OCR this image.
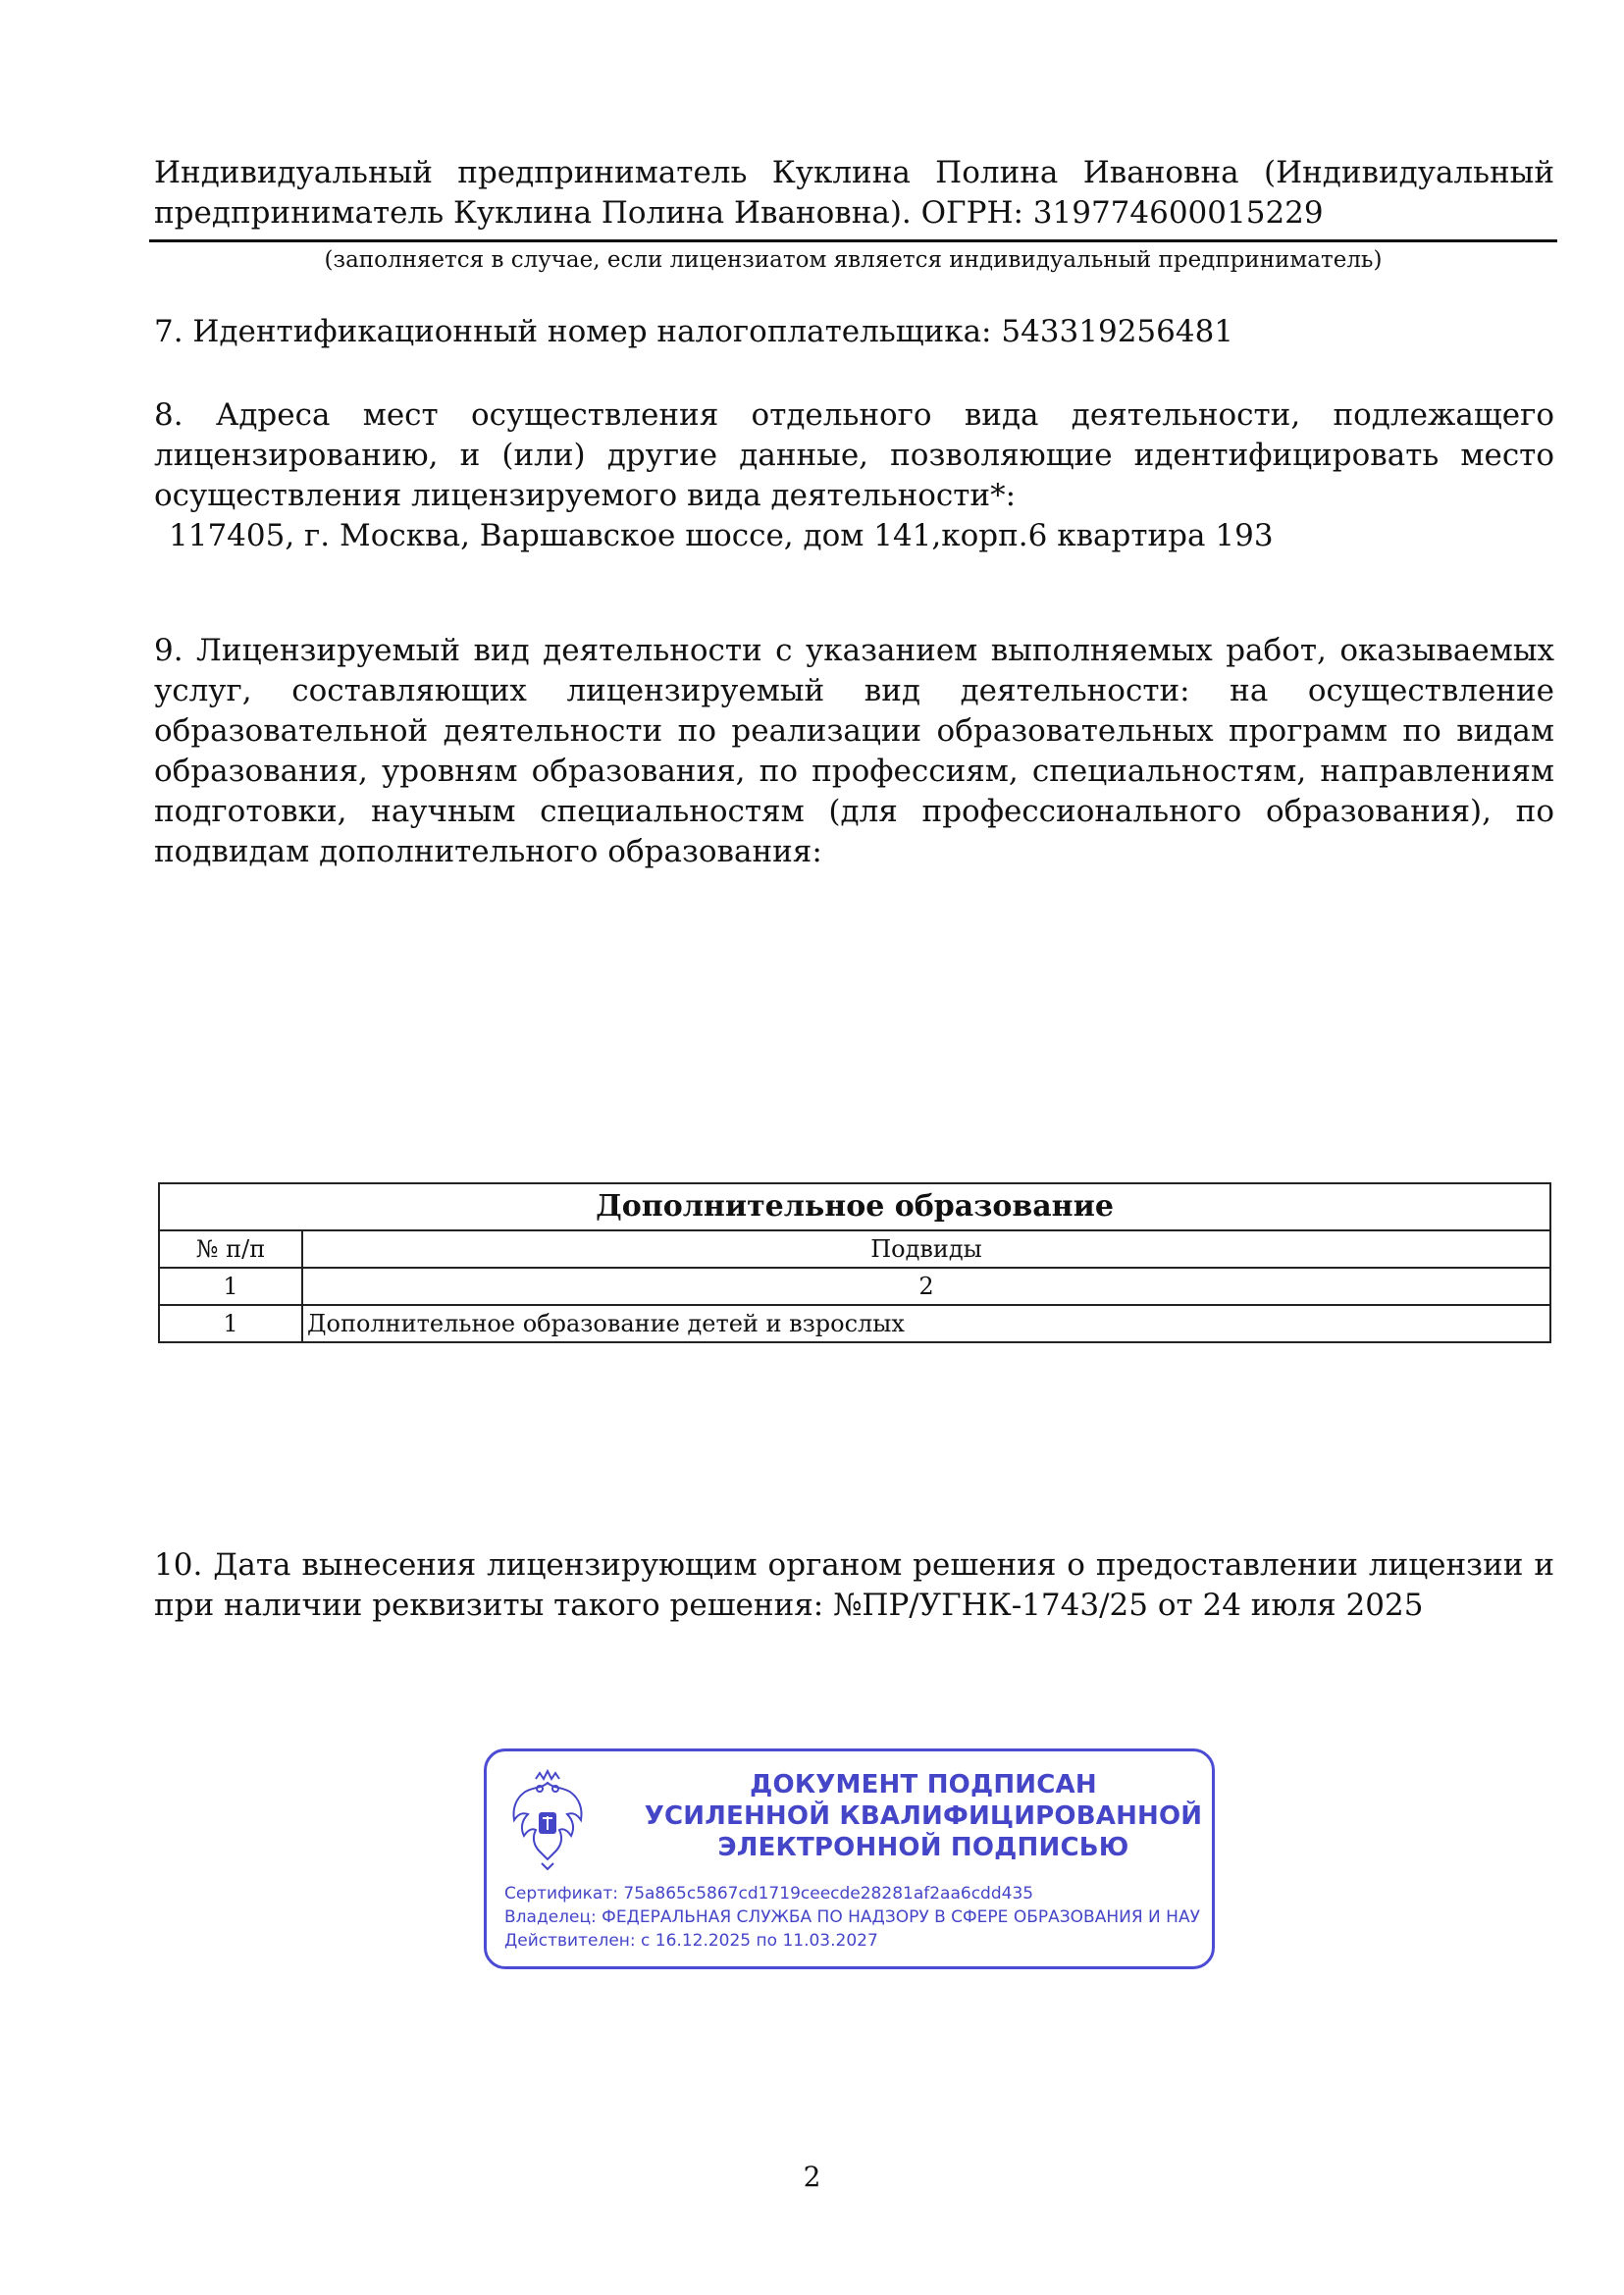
Индивидуальный предприниматель Куклина Полина Ивановна (Индивидуальный

предприниматель Куклина Полина Ивановна). ОГРН: 319774600015229

(заполняется в случае, если лицензиатом является индивидуальный предприниматель)

7. Идентификационный номер налогоплательщика: 543319256481

8. Адреса мест осуществления отдельного вида деятельности, подлежащего

лицензированию, и (или) другие данные, позволяющие идентифицировать место

осуществления лицензируемого вида деятельности*:

117405, г. Москва, Варшавское шоссе, дом 141,корп.6 квартира 193

9. Лицензируемый вид деятельности с указанием выполняемых работ, оказываемых

услуг, составляющих лицензируемый вид деятельности: на осуществление

образовательной деятельности по реализации образовательных программ по видам

образования, уровням образования, по профессиям, специальностям, направлениям

подготовки, научным специальностям (для профессионального образования), по

подвидам дополнительного образования:

Дополнительное образование	
№ п/п	Подвиды
1	2
1	Дополнительное образование детей и взрослых

10. Дата вынесения лицензирующим органом решения о предоставлении лицензии и

при наличии реквизиты такого решения: №ПР/УГНК-1743/25 от 24 июля 2025

ДОКУМЕНТ ПОДПИСАН
УСИЛЕННОЙ КВАЛИФИЦИРОВАННОЙ
ЭЛЕКТРОННОЙ ПОДПИСЬЮ
Сертификат: 75a865c5867cd1719ceecde28281af2aa6cdd435
Владелец: ФЕДЕРАЛЬНАЯ СЛУЖБА ПО НАДЗОРУ В СФЕРЕ ОБРАЗОВАНИЯ И НАУ
Действителен: с 16.12.2025 по 11.03.2027
2
